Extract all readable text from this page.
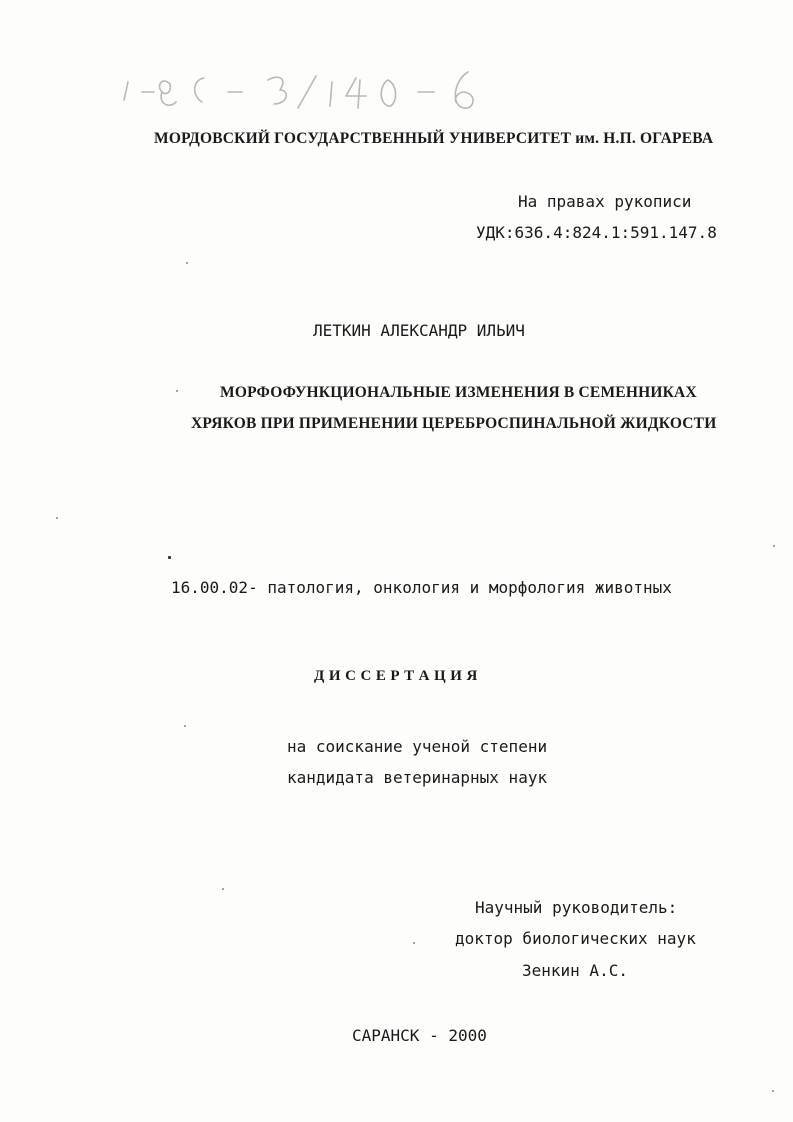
МОРДОВСКИЙ ГОСУДАРСТВЕННЫЙ УНИВЕРСИТЕТ им. Н.П. ОГАРЕВА
На правах рукописи
УДК:636.4:824.1:591.147.8
ЛЕТКИН АЛЕКСАНДР ИЛЬИЧ
МОРФОФУНКЦИОНАЛЬНЫЕ ИЗМЕНЕНИЯ В СЕМЕННИКАХ
ХРЯКОВ ПРИ ПРИМЕНЕНИИ ЦЕРЕБРОСПИНАЛЬНОЙ ЖИДКОСТИ
16.00.02- патология, онкология и морфология животных
Д И С С Е Р Т А Ц И Я
на соискание ученой степени
кандидата ветеринарных наук
Научный руководитель:
доктор биологических наук
Зенкин А.С.
САРАНСК - 2000
